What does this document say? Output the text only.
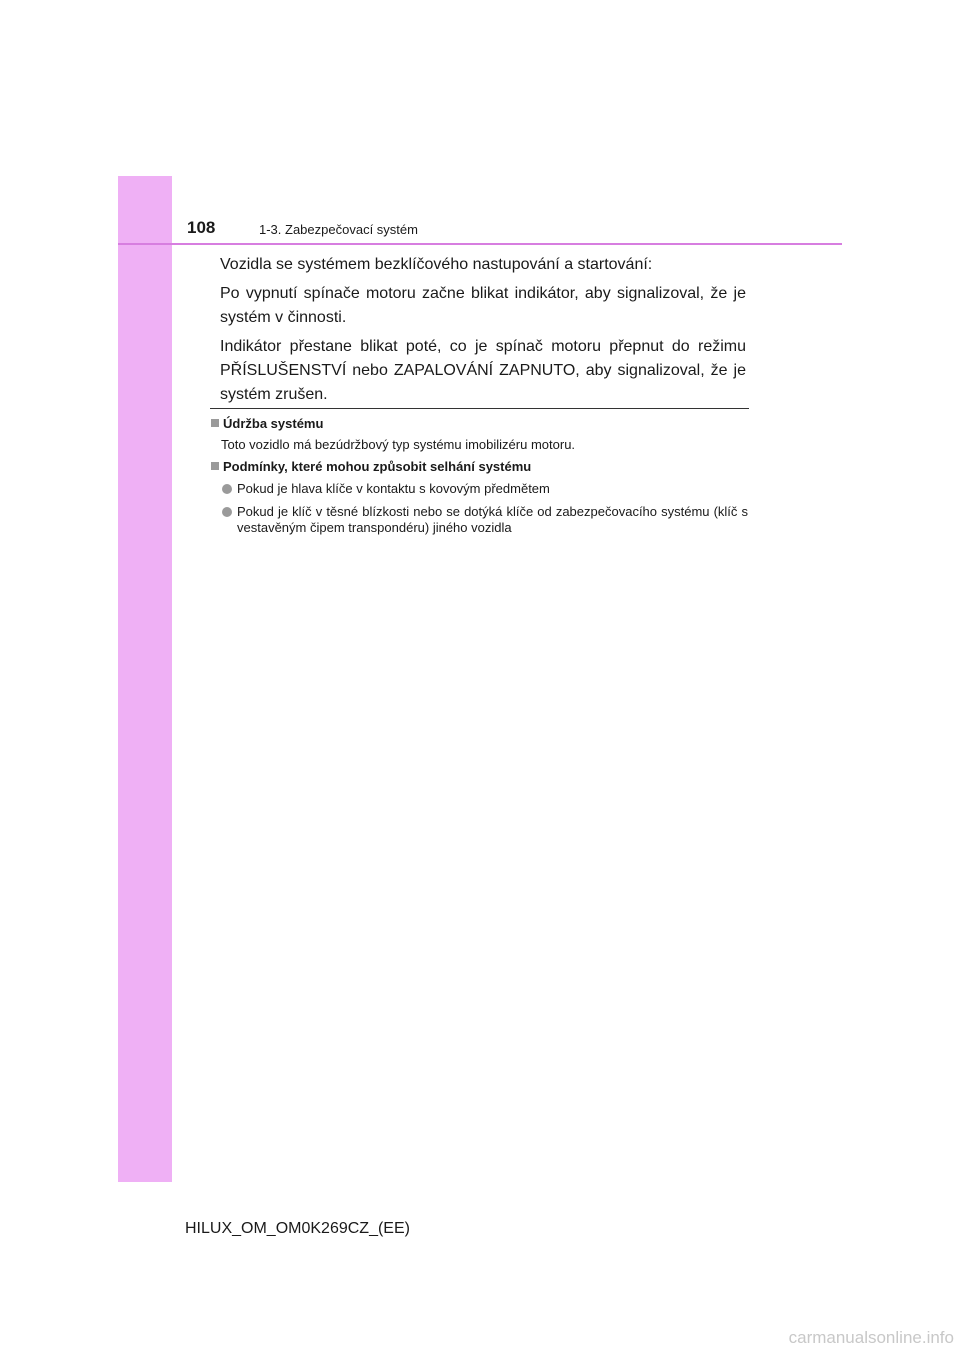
108	1-3. Zabezpečovací systém
Vozidla se systémem bezklíčového nastupování a startování:
Po vypnutí spínače motoru začne blikat indikátor, aby signalizoval, že je systém v činnosti.
Indikátor přestane blikat poté, co je spínač motoru přepnut do režimu PŘÍSLUŠENSTVÍ nebo ZAPALOVÁNÍ ZAPNUTO, aby signalizoval, že je systém zrušen.
Údržba systému
Toto vozidlo má bezúdržbový typ systému imobilizéru motoru.
Podmínky, které mohou způsobit selhání systému
Pokud je hlava klíče v kontaktu s kovovým předmětem
Pokud je klíč v těsné blízkosti nebo se dotýká klíče od zabezpečovacího systému (klíč s vestavěným čipem transpondéru) jiného vozidla
HILUX_OM_OM0K269CZ_(EE)
carmanualsonline.info
